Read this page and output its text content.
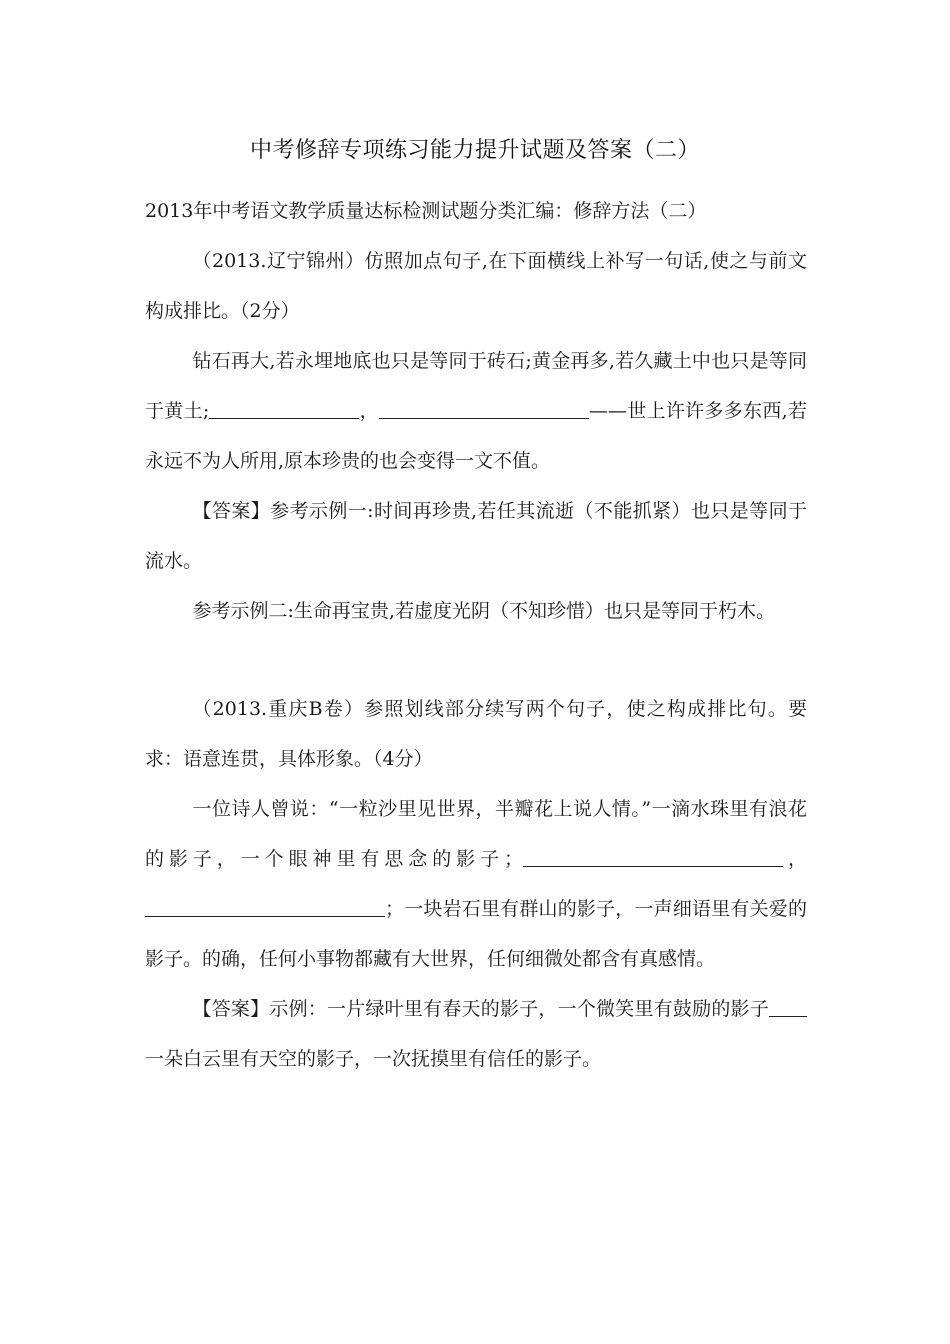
中考修辞专项练习能力提升试题及答案（二）

2013年中考语文教学质量达标检测试题分类汇编：修辞方法（二）

（2013.辽宁锦州）仿照加点句子,在下面横线上补写一句话,使之与前文构成排比。（2分）

钻石再大,若永埋地底也只是等同于砖石;黄金再多,若久藏土中也只是等同于黄土;	，	——世上许许多多东西,若永远不为人所用,原本珍贵的也会变得一文不值。

【答案】参考示例一:时间再珍贵,若任其流逝（不能抓紧）也只是等同于流水。

参考示例二:生命再宝贵,若虚度光阴（不知珍惜）也只是等同于朽木。

（2013.重庆B卷）参照划线部分续写两个句子，使之构成排比句。要求：语意连贯，具体形象。（4分）

一位诗人曾说：“一粒沙里见世界，半瓣花上说人情。”一滴水珠里有浪花的影子，一个眼神里有思念的影子；	，；一块岩石里有群山的影子，一声细语里有关爱的影子。的确，任何小事物都藏有大世界，任何细微处都含有真感情。

【答案】示例：一片绿叶里有春天的影子，一个微笑里有鼓励的影子一朵白云里有天空的影子，一次抚摸里有信任的影子。
